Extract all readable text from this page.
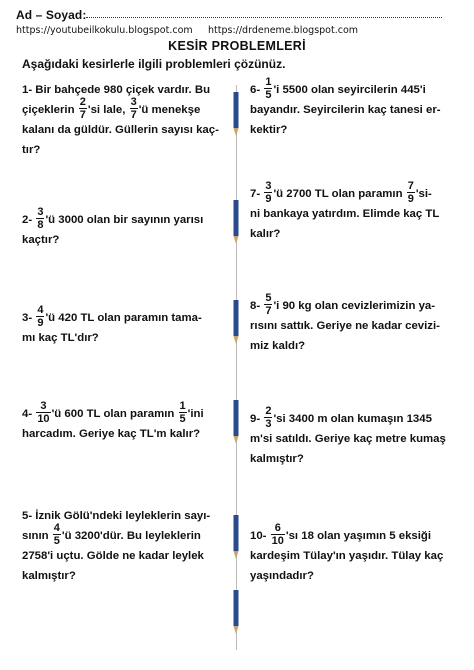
Ad – Soyad:
https://youtubeilkokulu.blogspot.com https://drdeneme.blogspot.com
KESİR PROBLEMLERİ
Aşağıdaki kesirlerle ilgili problemleri çözünüz.
1- Bir bahçede 980 çiçek vardır. Bu
çiçeklerin $\frac{2}{7}$ 'si lale, $\frac{3}{7}$ 'ü menekşe
kalanı da güldür. Güllerin sayısı kaç-
tır?
$2- \frac{3}{8}$ 'ü 3000 olan bir sayının yarısı
kaçtır?
$3- \frac{4}{9}$ 'ü 420 TL olan paramın tama-
mı kaç TL'dır?
$4- \frac{3}{10}$ 'ü 600 TL olan paramın $\frac{1}{5}$ 'ini
harcadım. Geriye kaç TL'm kalır?
5- İznik Gölü'ndeki leyleklerin sayı-
sının $\frac{4}{5}$ 'ü 3200'dür. Bu leyleklerin
2758'i uçtu. Gölde ne kadar leylek
kalmıştır?
$6- \frac{1}{5}$ 'i 5500 olan seyircilerin 445'i
bayandır. Seyircilerin kaç tanesi er-
kektir?
$7- \frac{3}{9}$ 'ü 2700 TL olan paramın $\frac{7}{9}$ 'si-
ni bankaya yatırdım. Elimde kaç TL
kalır?
$8- \frac{5}{7}$ 'i 90 kg olan cevizlerimizin ya-
rısını sattık. Geriye ne kadar cevizi-
miz kaldı?
$9- \frac{2}{3}$ 'si 3400 m olan kumaşın 1345
m'si satıldı. Geriye kaç metre kumaş
kalmıştır?
$10- \frac{6}{10}$ 'sı 18 olan yaşımın 5 eksiği
kardeşim Tülay'ın yaşıdır. Tülay kaç
yaşındadır?
